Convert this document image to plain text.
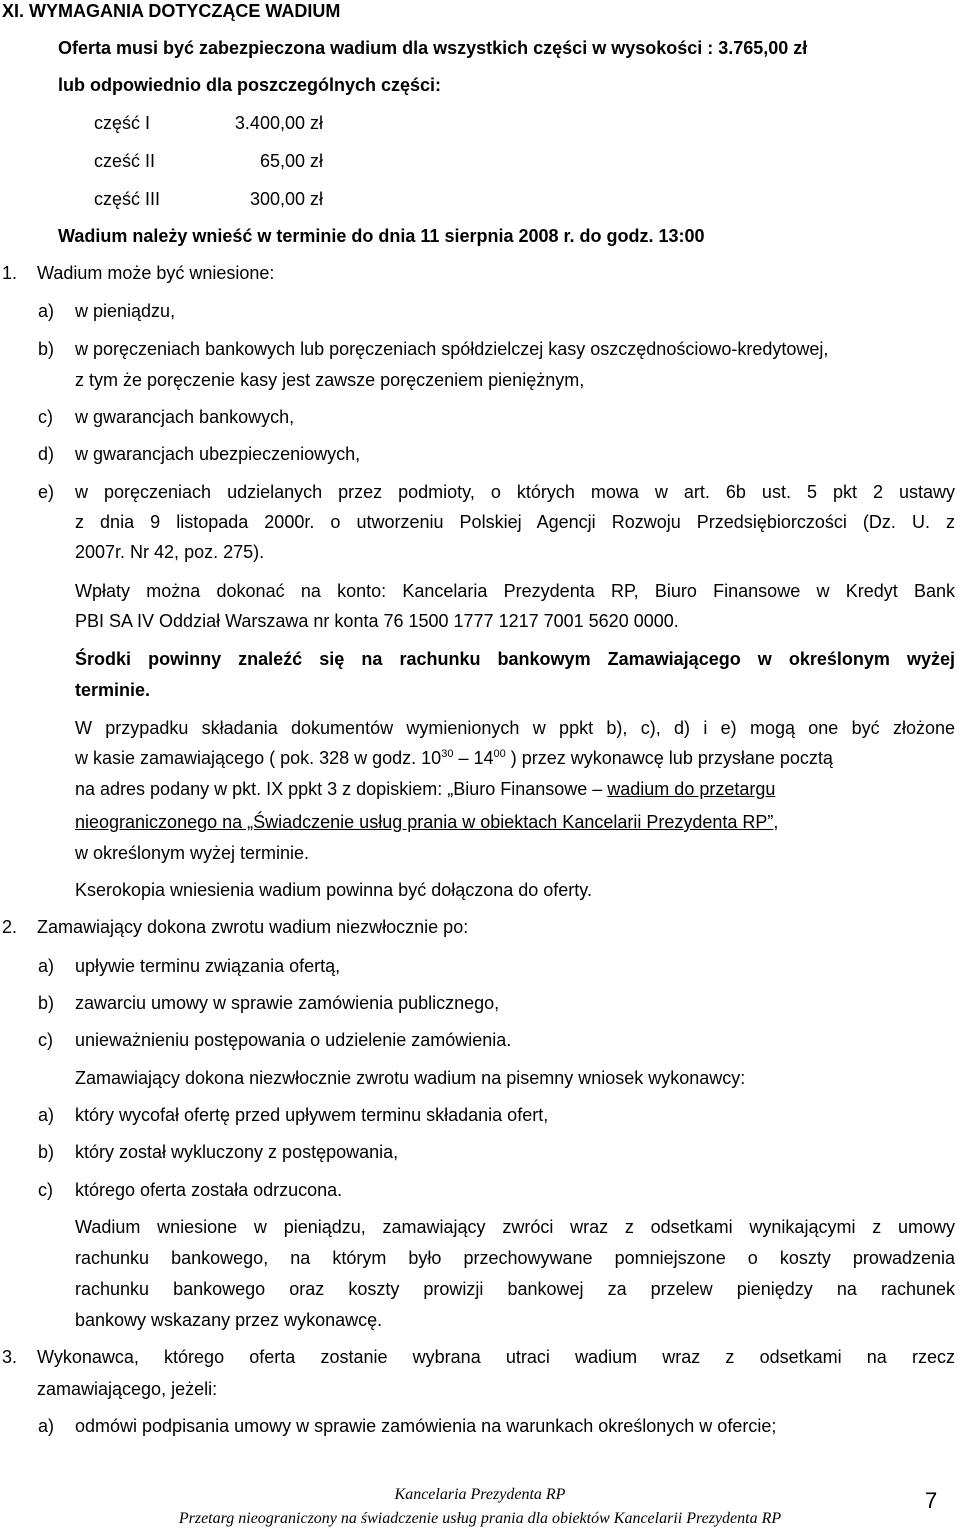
XI. WYMAGANIA DOTYCZĄCE WADIUM
Oferta musi być zabezpieczona wadium dla wszystkich części w wysokości : 3.765,00 zł
lub odpowiednio dla poszczególnych części:
część I	3.400,00 zł
cześć II	65,00 zł
część III	300,00 zł
Wadium należy wnieść w terminie do dnia 11 sierpnia 2008 r. do godz. 13:00
1. Wadium może być wniesione:
a) w pieniądzu,
b) w poręczeniach bankowych lub poręczeniach spółdzielczej kasy oszczędnościowo-kredytowej,
z tym że poręczenie kasy jest zawsze poręczeniem pieniężnym,
c) w gwarancjach bankowych,
d) w gwarancjach ubezpieczeniowych,
e) w poręczeniach udzielanych przez podmioty, o których mowa w art. 6b ust. 5 pkt 2 ustawy
z dnia 9 listopada 2000r. o utworzeniu Polskiej Agencji Rozwoju Przedsiębiorczości (Dz. U. z
2007r. Nr 42, poz. 275).
Wpłaty można dokonać na konto: Kancelaria Prezydenta RP, Biuro Finansowe w Kredyt Bank
PBI SA IV Oddział Warszawa nr konta 76 1500 1777 1217 7001 5620 0000.
Środki powinny znaleźć się na rachunku bankowym Zamawiającego w określonym wyżej
terminie.
W przypadku składania dokumentów wymienionych w ppkt b), c), d) i e) mogą one być złożone
w kasie zamawiającego ( pok. 328 w godz. $10^{30} - 14^{00}$ ) przez wykonawcę lub przysłane pocztą
na adres podany w pkt. IX ppkt 3 z dopiskiem: „Biuro Finansowe – wadium do przetargu
nieograniczonego na „Świadczenie usług prania w obiektach Kancelarii Prezydenta RP”,
w określonym wyżej terminie.
Kserokopia wniesienia wadium powinna być dołączona do oferty.
2. Zamawiający dokona zwrotu wadium niezwłocznie po:
a) upływie terminu związania ofertą,
b) zawarciu umowy w sprawie zamówienia publicznego,
c) unieważnieniu postępowania o udzielenie zamówienia.
Zamawiający dokona niezwłocznie zwrotu wadium na pisemny wniosek wykonawcy:
a) który wycofał ofertę przed upływem terminu składania ofert,
b) który został wykluczony z postępowania,
c) którego oferta została odrzucona.
Wadium wniesione w pieniądzu, zamawiający zwróci wraz z odsetkami wynikającymi z umowy
rachunku bankowego, na którym było przechowywane pomniejszone o koszty prowadzenia
rachunku bankowego oraz koszty prowizji bankowej za przelew pieniędzy na rachunek
bankowy wskazany przez wykonawcę.
3. Wykonawca, którego oferta zostanie wybrana utraci wadium wraz z odsetkami na rzecz
zamawiającego, jeżeli:
a) odmówi podpisania umowy w sprawie zamówienia na warunkach określonych w ofercie;
Kancelaria Prezydenta RP
Przetarg nieograniczony na świadczenie usług prania dla obiektów Kancelarii Prezydenta RP
7
